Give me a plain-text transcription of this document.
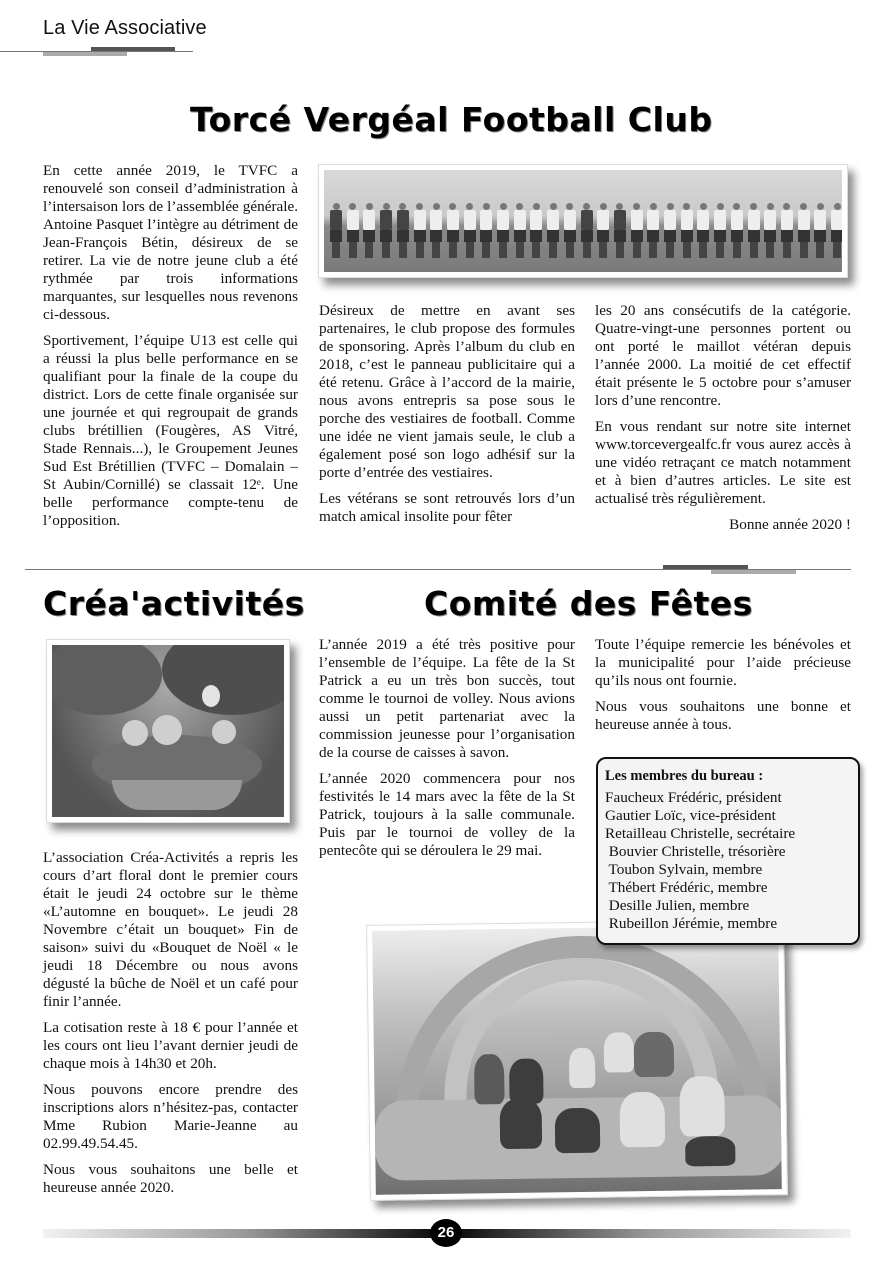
La Vie Associative
Torcé Vergéal Football Club

En cette année 2019, le TVFC a renouvelé son conseil d’administration à l’intersaison lors de l’assemblée générale. Antoine Pasquet l’intègre au détriment de Jean-François Bétin, désireux de se retirer. La vie de notre jeune club a été rythmée par trois informations marquantes, sur lesquelles nous revenons ci-dessous.

Sportivement, l’équipe U13 est celle qui a réussi la plus belle performance en se qualifiant pour la finale de la coupe du district. Lors de cette finale organisée sur une journée et qui regroupait de grands clubs brétillien (Fougères, AS Vitré, Stade Rennais...), le Groupement Jeunes Sud Est Brétillien (TVFC – Domalain – St Aubin/Cornillé) se classait 12ᵉ. Une belle performance compte-tenu de l’opposition.

Désireux de mettre en avant ses partenaires, le club propose des formules de sponsoring. Après l’album du club en 2018, c’est le panneau publicitaire qui a été retenu. Grâce à l’accord de la mairie, nous avons entrepris sa pose sous le porche des vestiaires de football. Comme une idée ne vient jamais seule, le club a également posé son logo adhésif sur la porte d’entrée des vestiaires.

Les vétérans se sont retrouvés lors d’un match amical insolite pour fêter

les 20 ans consécutifs de la catégorie. Quatre-vingt-une personnes portent ou ont porté le maillot vétéran depuis l’année 2000. La moitié de cet effectif était présente le 5 octobre pour s’amuser lors d’une rencontre.

En vous rendant sur notre site internet www.torcevergealfc.fr vous aurez accès à une vidéo retraçant ce match notamment et à bien d’autres articles. Le site est actualisé très régulièrement.

Bonne année 2020 !

Créa'activités

L’association Créa-Activités a repris les cours d’art floral dont le premier cours était le jeudi 24 octobre sur le thème «L’automne en bouquet». Le jeudi 28 Novembre c’était un bouquet» Fin de saison» suivi du «Bouquet de Noël « le jeudi 18 Décembre ou nous avons dégusté la bûche de Noël et un café pour finir l’année.

La cotisation reste à 18 € pour l’année et les cours ont lieu l’avant dernier jeudi de chaque mois à 14h30 et 20h.

Nous pouvons encore prendre des inscriptions alors n’hésitez-pas, contacter Mme Rubion Marie-Jeanne au 02.99.49.54.45.

Nous vous souhaitons une belle et heureuse année 2020.

Comité des Fêtes

L’année 2019 a été très positive pour l’ensemble de l’équipe. La fête de la St Patrick a eu un très bon succès, tout comme le tournoi de volley. Nous avions aussi un petit partenariat avec la commission jeunesse pour l’organisation de la course de caisses à savon.

L’année 2020 commencera pour nos festivités le 14 mars avec la fête de la St Patrick, toujours à la salle communale. Puis par le tournoi de volley de la pentecôte qui se déroulera le 29 mai.

Toute l’équipe remercie les bénévoles et la municipalité pour l’aide précieuse qu’ils nous ont fournie.

Nous vous souhaitons une bonne et heureuse année à tous.

Les membres du bureau :
Faucheux Frédéric, président
Gautier Loïc, vice-président
Retailleau Christelle, secrétaire
Bouvier Christelle, trésorière
Toubon Sylvain, membre
Thébert Frédéric, membre
Desille Julien, membre
Rubeillon Jérémie, membre
26
